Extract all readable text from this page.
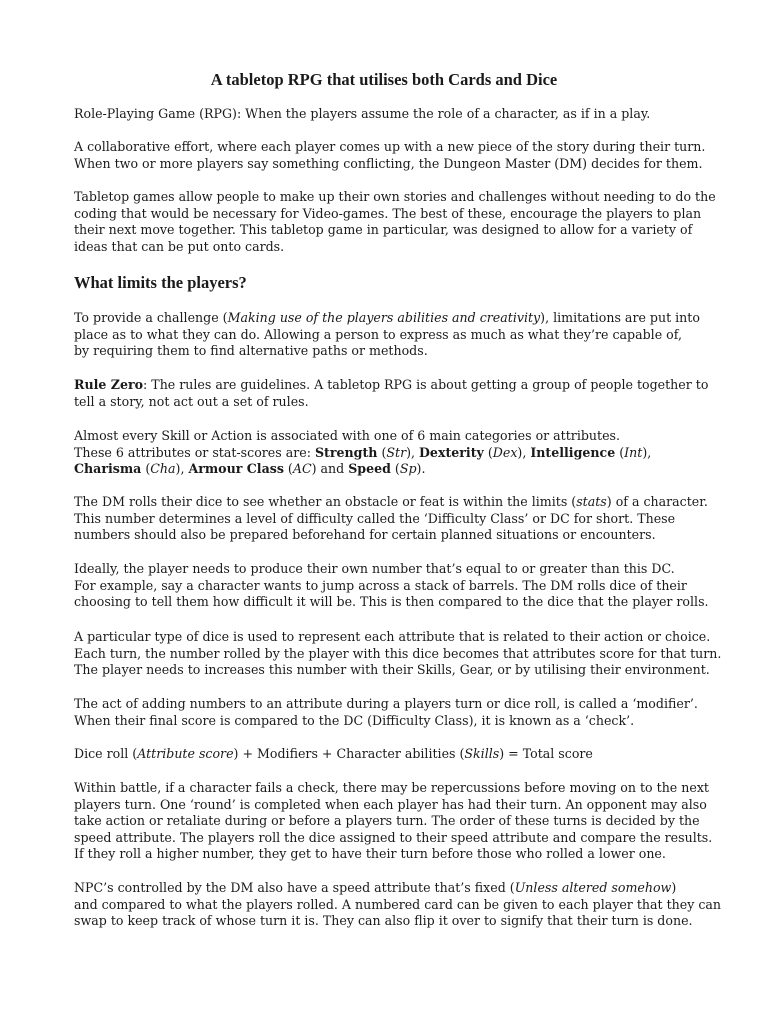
A tabletop RPG that utilises both Cards and Dice

Role-Playing Game (RPG): When the players assume the role of a character, as if in a play.

A collaborative effort, where each player comes up with a new piece of the story during their turn.
When two or more players say something conflicting, the Dungeon Master (DM) decides for them.

Tabletop games allow people to make up their own stories and challenges without needing to do the
coding that would be necessary for Video-games. The best of these, encourage the players to plan
their next move together. This tabletop game in particular, was designed to allow for a variety of
ideas that can be put onto cards.

What limits the players?

To provide a challenge (Making use of the players abilities and creativity), limitations are put into
place as to what they can do. Allowing a person to express as much as what they’re capable of,
by requiring them to find alternative paths or methods.

Rule Zero: The rules are guidelines. A tabletop RPG is about getting a group of people together to
tell a story, not act out a set of rules.

Almost every Skill or Action is associated with one of 6 main categories or attributes.
These 6 attributes or stat-scores are: Strength (Str), Dexterity (Dex), Intelligence (Int),
Charisma (Cha), Armour Class (AC) and Speed (Sp).

The DM rolls their dice to see whether an obstacle or feat is within the limits (stats) of a character.
This number determines a level of difficulty called the ‘Difficulty Class’ or DC for short. These
numbers should also be prepared beforehand for certain planned situations or encounters.

Ideally, the player needs to produce their own number that’s equal to or greater than this DC.
For example, say a character wants to jump across a stack of barrels. The DM rolls dice of their
choosing to tell them how difficult it will be. This is then compared to the dice that the player rolls.

A particular type of dice is used to represent each attribute that is related to their action or choice.
Each turn, the number rolled by the player with this dice becomes that attributes score for that turn.
The player needs to increases this number with their Skills, Gear, or by utilising their environment.

The act of adding numbers to an attribute during a players turn or dice roll, is called a ‘modifier’.
When their final score is compared to the DC (Difficulty Class), it is known as a ‘check’.

Dice roll (Attribute score) + Modifiers + Character abilities (Skills) = Total score

Within battle, if a character fails a check, there may be repercussions before moving on to the next
players turn. One ‘round’ is completed when each player has had their turn. An opponent may also
take action or retaliate during or before a players turn. The order of these turns is decided by the
speed attribute. The players roll the dice assigned to their speed attribute and compare the results.
If they roll a higher number, they get to have their turn before those who rolled a lower one.

NPC’s controlled by the DM also have a speed attribute that’s fixed (Unless altered somehow)
and compared to what the players rolled. A numbered card can be given to each player that they can
swap to keep track of whose turn it is. They can also flip it over to signify that their turn is done.
